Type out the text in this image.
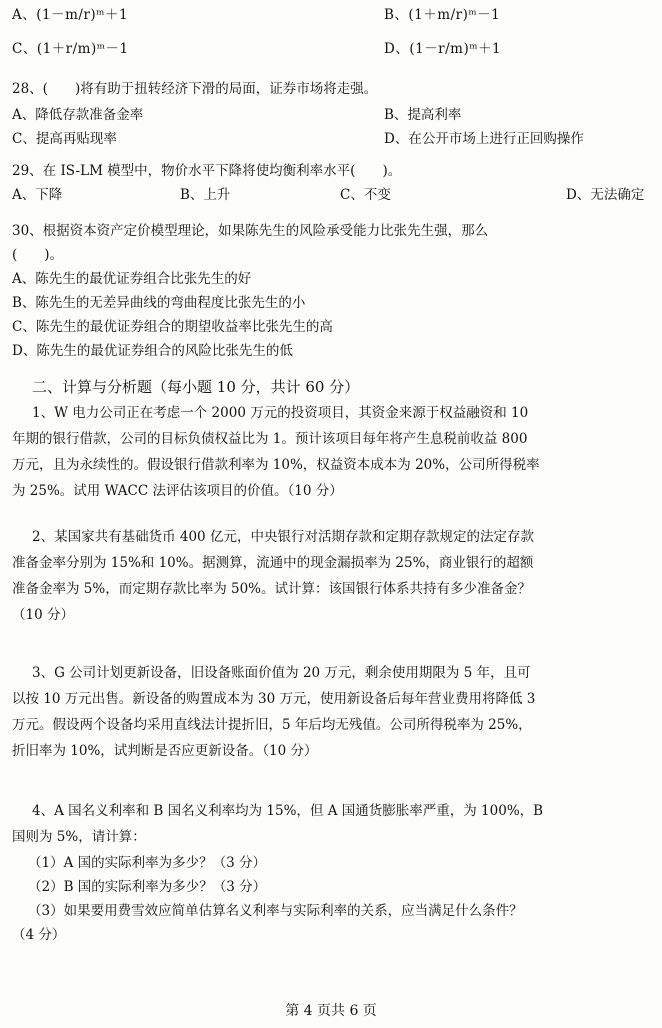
A、(1－m/r)ᵐ＋1	B、(1＋m/r)ᵐ－1
C、(1＋r/m)ᵐ－1	D、(1－r/m)ᵐ＋1
28、(　　)将有助于扭转经济下滑的局面，证券市场将走强。
A、降低存款准备金率	B、提高利率
C、提高再贴现率	D、在公开市场上进行正回购操作
29、在 IS-LM 模型中，物价水平下降将使均衡利率水平(　　)。
A、下降	B、上升	C、不变	D、无法确定
30、根据资本资产定价模型理论，如果陈先生的风险承受能力比张先生强，那么
(　　)。
A、陈先生的最优证券组合比张先生的好
B、陈先生的无差异曲线的弯曲程度比张先生的小
C、陈先生的最优证券组合的期望收益率比张先生的高
D、陈先生的最优证券组合的风险比张先生的低
二、计算与分析题（每小题 10 分，共计 60 分）
1、W 电力公司正在考虑一个 2000 万元的投资项目，其资金来源于权益融资和 10
年期的银行借款，公司的目标负债权益比为 1。预计该项目每年将产生息税前收益 800
万元，且为永续性的。假设银行借款利率为 10%，权益资本成本为 20%，公司所得税率
为 25%。试用 WACC 法评估该项目的价值。（10 分）
2、某国家共有基础货币 400 亿元，中央银行对活期存款和定期存款规定的法定存款
准备金率分别为 15%和 10%。据测算，流通中的现金漏损率为 25%，商业银行的超额
准备金率为 5%，而定期存款比率为 50%。试计算：该国银行体系共持有多少准备金？
（10 分）
3、G 公司计划更新设备，旧设备账面价值为 20 万元，剩余使用期限为 5 年，且可
以按 10 万元出售。新设备的购置成本为 30 万元，使用新设备后每年营业费用将降低 3
万元。假设两个设备均采用直线法计提折旧，5 年后均无残值。公司所得税率为 25%，
折旧率为 10%，试判断是否应更新设备。（10 分）
4、A 国名义利率和 B 国名义利率均为 15%，但 A 国通货膨胀率严重，为 100%，B
国则为 5%，请计算：
（1）A 国的实际利率为多少？（3 分）
（2）B 国的实际利率为多少？（3 分）
（3）如果要用费雪效应简单估算名义利率与实际利率的关系，应当满足什么条件？
（4 分）
第 4 页共 6 页
